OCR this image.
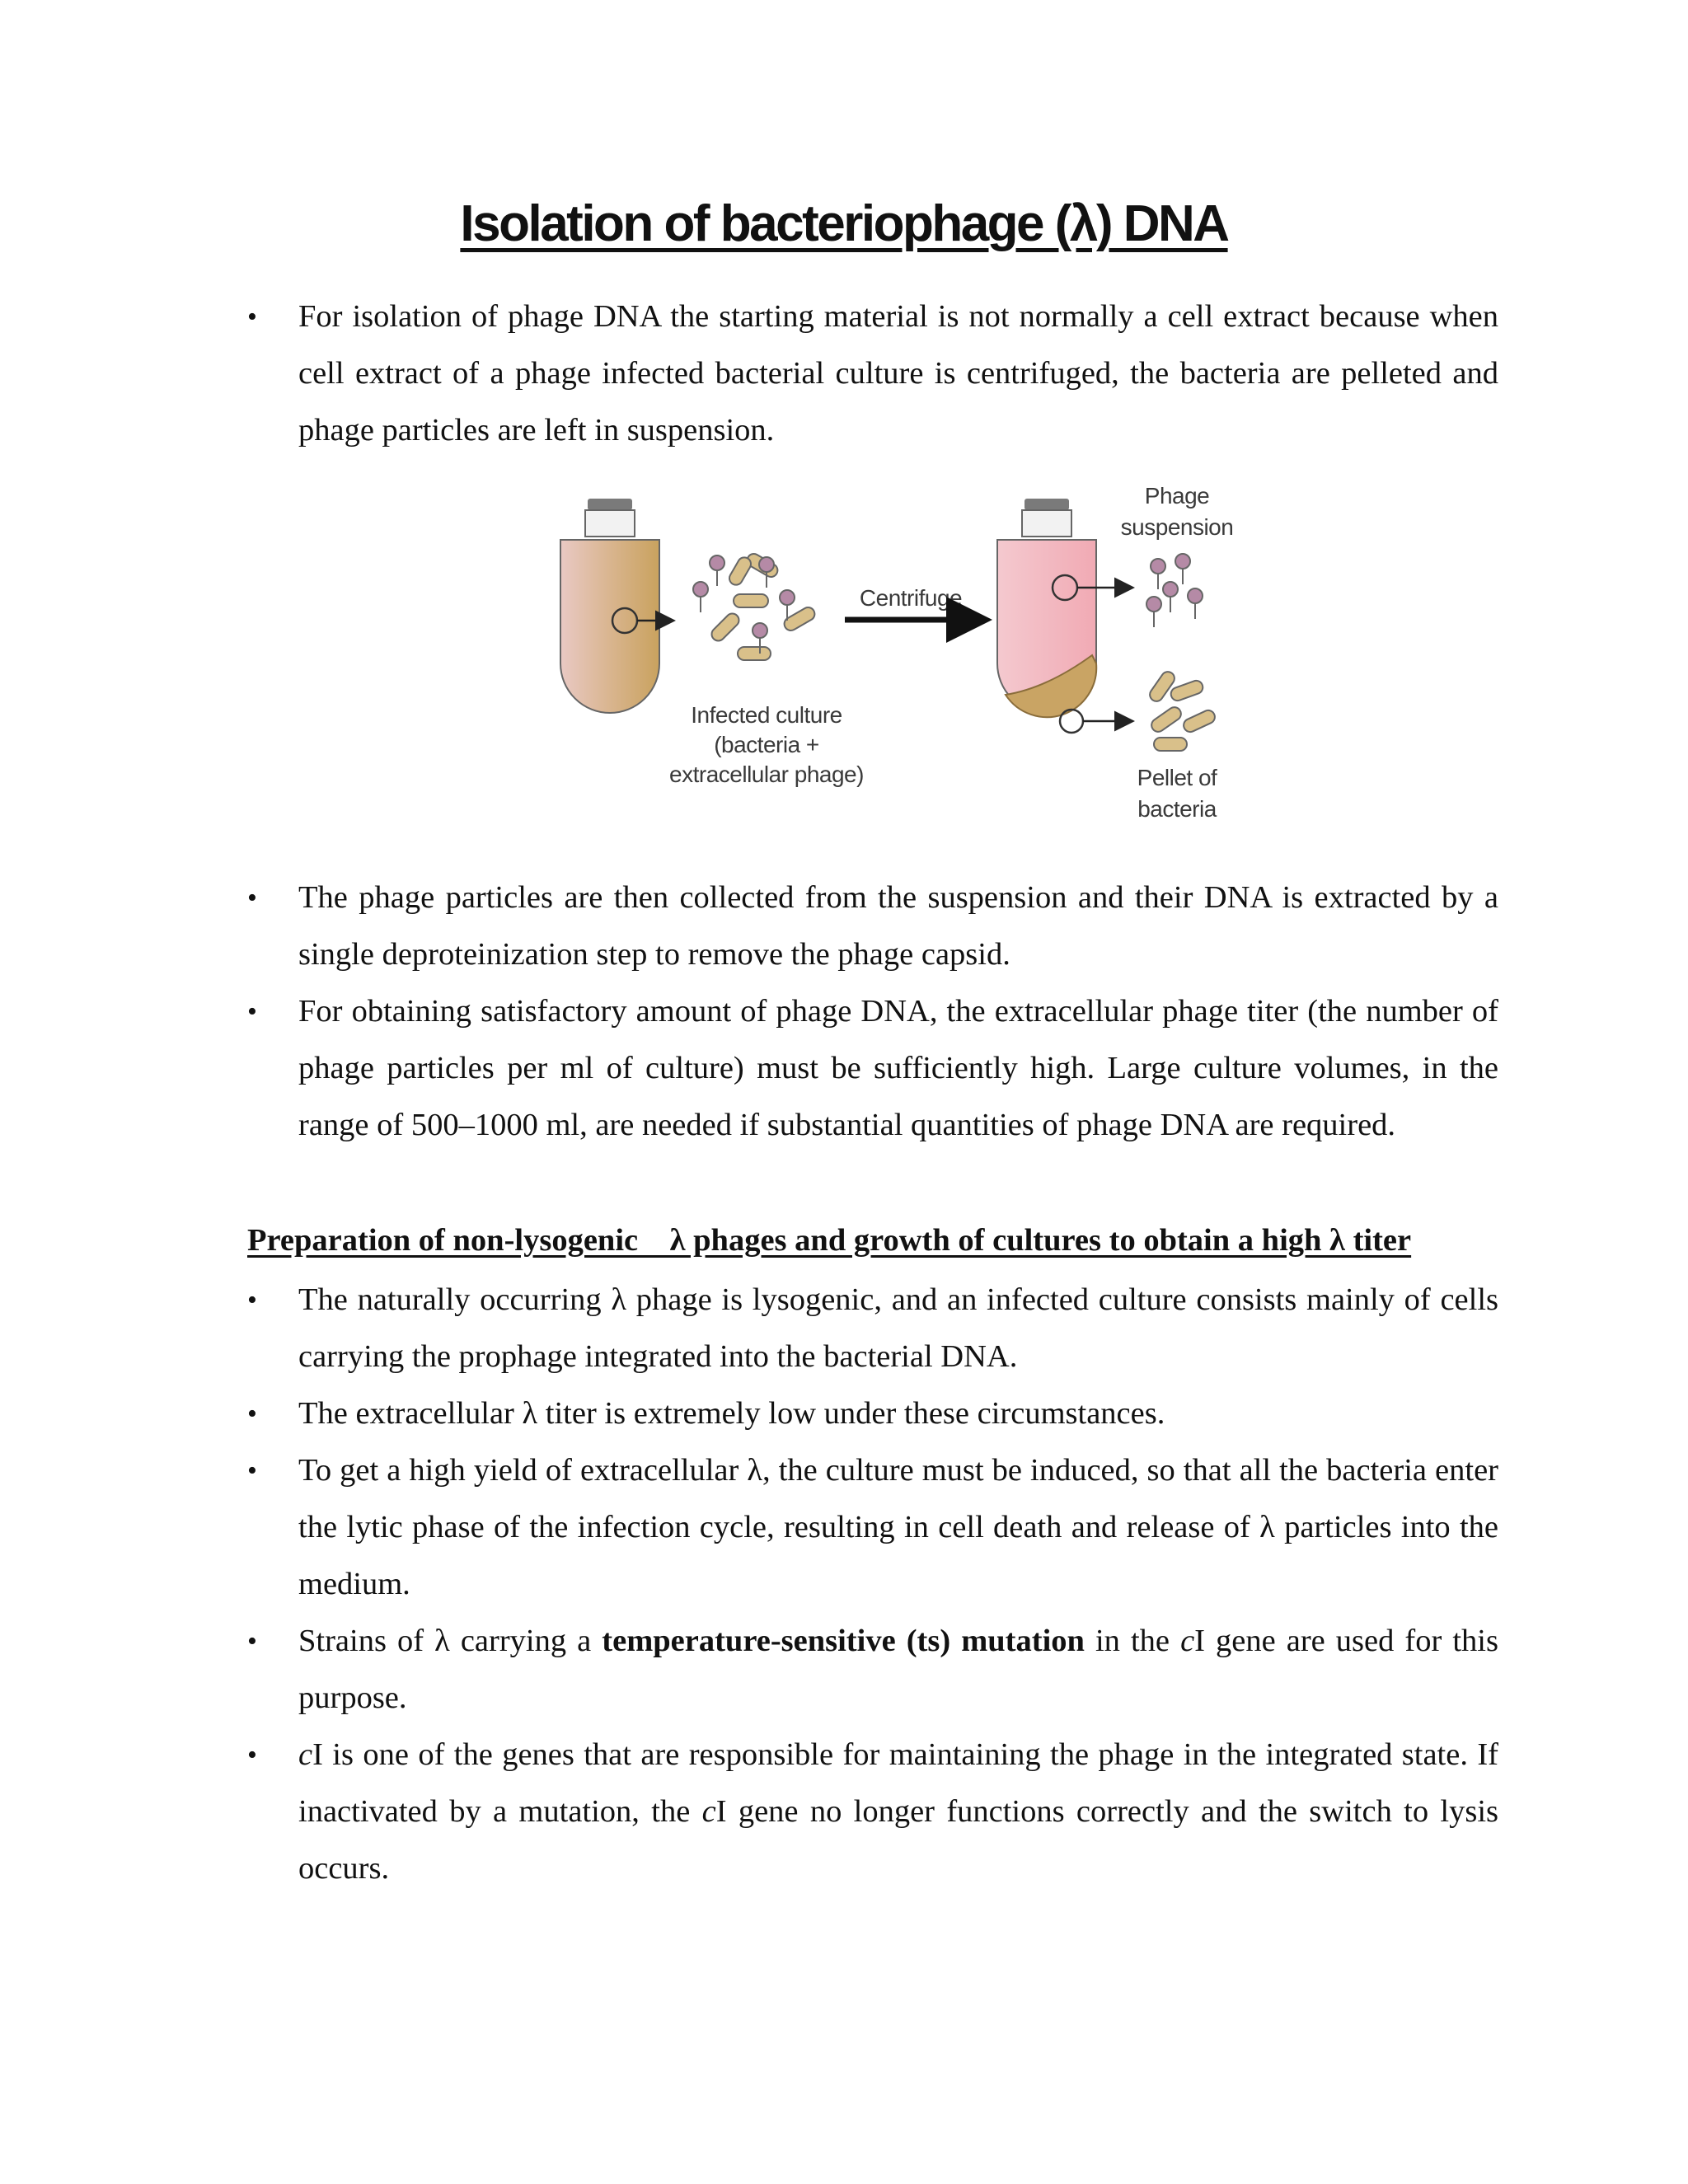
Isolation of bacteriophage (λ) DNA
• For isolation of phage DNA the starting material is not normally a cell extract because when cell extract of a phage infected bacterial culture is centrifuged, the bacteria are pelleted and phage particles are left in suspension.
Infected culture
(bacteria +
extracellular phage)
Centrifuge
Phage
suspension
Pellet of
bacteria
• The phage particles are then collected from the suspension and their DNA is extracted by a single deproteinization step to remove the phage capsid.
• For obtaining satisfactory amount of phage DNA, the extracellular phage titer (the number of phage particles per ml of culture) must be sufficiently high. Large culture volumes, in the range of 500–1000 ml, are needed if substantial quantities of phage DNA are required.
Preparation of non-lysogenic    λ phages and growth of cultures to obtain a high λ titer
• The naturally occurring λ phage is lysogenic, and an infected culture consists mainly of cells carrying the prophage integrated into the bacterial DNA.
• The extracellular λ titer is extremely low under these circumstances.
• To get a high yield of extracellular λ, the culture must be induced, so that all the bacteria enter the lytic phase of the infection cycle, resulting in cell death and release of λ particles into the medium.
• Strains of λ carrying a temperature-sensitive (ts) mutation in the cI gene are used for this purpose.
• cI is one of the genes that are responsible for maintaining the phage in the integrated state. If inactivated by a mutation, the cI gene no longer functions correctly and the switch to lysis occurs.
